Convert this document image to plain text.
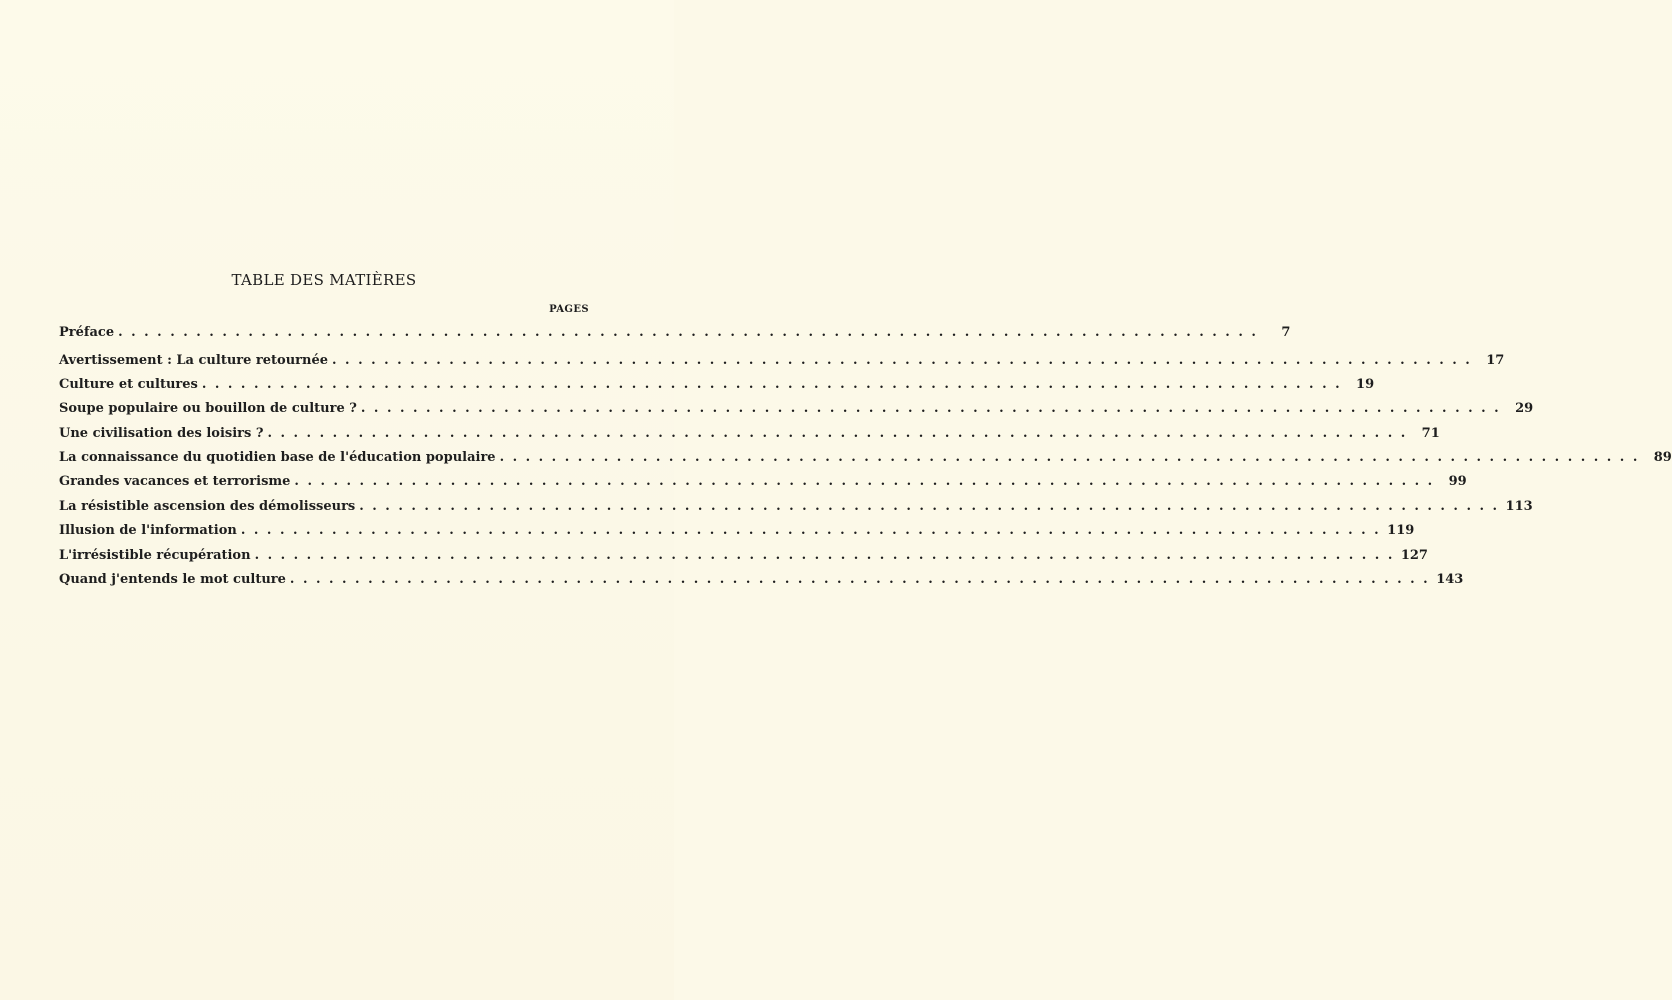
TABLE DES MATIÈRES
PAGES
Préface ........................................................................................	7
Avertissement : La culture retournée ........................................................................................ 17
Culture et cultures ........................................................................................ 19
Soupe populaire ou bouillon de culture ? ........................................................................................ 29
Une civilisation des loisirs ? ........................................................................................ 71
La connaissance du quotidien base de l'éducation populaire ........................................................................................ 89
Grandes vacances et terrorisme ........................................................................................ 99
La résistible ascension des démolisseurs ........................................................................................ 113
Illusion de l'information ........................................................................................ 119
L'irrésistible récupération ........................................................................................ 127
Quand j'entends le mot culture ........................................................................................ 143
